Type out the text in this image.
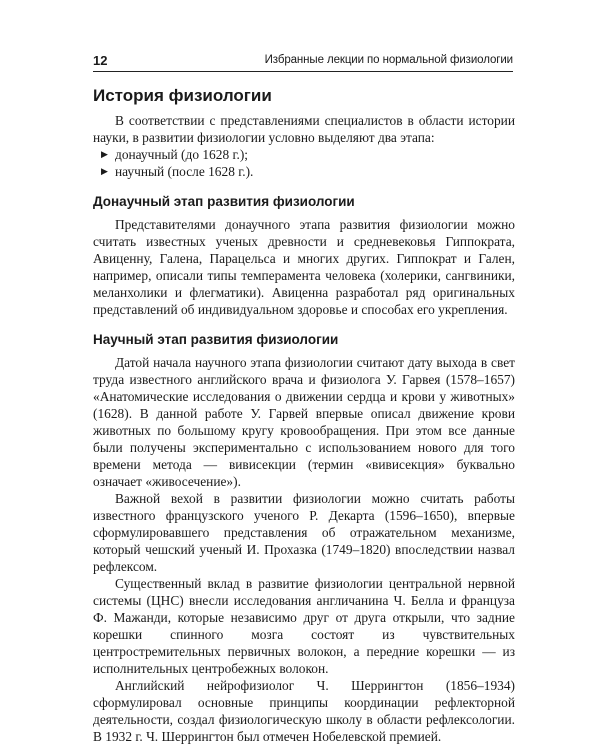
12	Избранные лекции по нормальной физиологии
История физиологии

В соответствии с представлениями специалистов в области истории науки, в развитии физиологии условно выделяют два этапа:

▶ донаучный (до 1628 г.);
▶ научный (после 1628 г.).
Донаучный этап развития физиологии

Представителями донаучного этапа развития физиологии можно считать известных ученых древности и средневековья Гиппократа, Авиценну, Галена, Парацельса и многих других. Гиппократ и Гален, например, описали типы темперамента человека (холерики, сангвиники, меланхолики и флегматики). Авиценна разработал ряд оригинальных представлений об индивидуальном здоровье и способах его укрепления.

Научный этап развития физиологии

Датой начала научного этапа физиологии считают дату выхода в свет труда известного английского врача и физиолога У. Гарвея (1578–1657) «Анатомические исследования о движении сердца и крови у животных» (1628). В данной работе У. Гарвей впервые описал движение крови животных по большому кругу кровообращения. При этом все данные были получены экспериментально с использованием нового для того времени метода — вивисекции (термин «вивисекция» буквально означает «живосечение»).

Важной вехой в развитии физиологии можно считать работы известного французского ученого Р. Декарта (1596–1650), впервые сформулировавшего представления об отражательном механизме, который чешский ученый И. Прохазка (1749–1820) впоследствии назвал рефлексом.

Существенный вклад в развитие физиологии центральной нервной системы (ЦНС) внесли исследования англичанина Ч. Белла и француза Ф. Мажанди, которые независимо друг от друга открыли, что задние корешки спинного мозга состоят из чувствительных центростремительных первичных волокон, а передние корешки — из исполнительных центробежных волокон.

Английский нейрофизиолог Ч. Шеррингтон (1856–1934) сформулировал основные принципы координации рефлекторной деятельности, создал физиологическую школу в области рефлексологии. В 1932 г. Ч. Шеррингтон был отмечен Нобелевской премией.
